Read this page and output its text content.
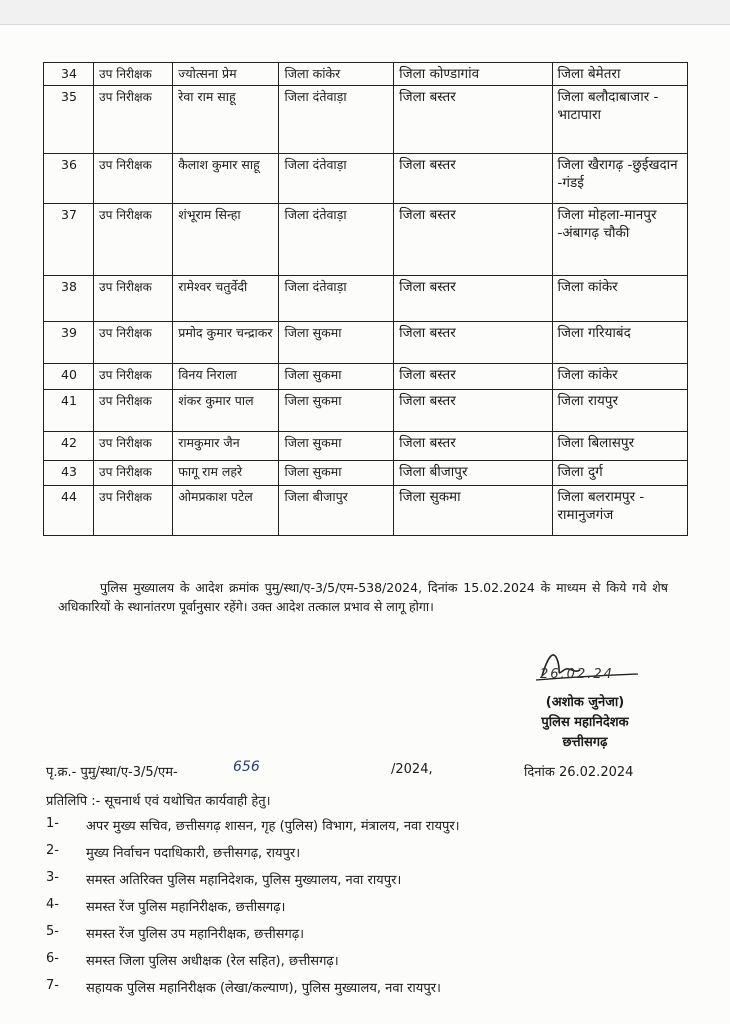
34	उप निरीक्षक	ज्योत्सना प्रेम	जिला कांकेर	जिला कोण्डागांव	जिला बेमेतरा
35	उप निरीक्षक	रेवा राम साहू	जिला दंतेवाड़ा	जिला बस्तर	जिला बलौदाबाजार - भाटापारा
36	उप निरीक्षक	कैलाश कुमार साहू	जिला दंतेवाड़ा	जिला बस्तर	जिला खैरागढ़ -छुईखदान -गंडई
37	उप निरीक्षक	शंभूराम सिन्हा	जिला दंतेवाड़ा	जिला बस्तर	जिला मोहला-मानपुर -अंबागढ़ चौकी
38	उप निरीक्षक	रामेश्वर चतुर्वेदी	जिला दंतेवाड़ा	जिला बस्तर	जिला कांकेर
39	उप निरीक्षक	प्रमोद कुमार चन्द्राकर	जिला सुकमा	जिला बस्तर	जिला गरियाबंद
40	उप निरीक्षक	विनय निराला	जिला सुकमा	जिला बस्तर	जिला कांकेर
41	उप निरीक्षक	शंकर कुमार पाल	जिला सुकमा	जिला बस्तर	जिला रायपुर
42	उप निरीक्षक	रामकुमार जैन	जिला सुकमा	जिला बस्तर	जिला बिलासपुर
43	उप निरीक्षक	फागू राम लहरे	जिला सुकमा	जिला बीजापुर	जिला दुर्ग
44	उप निरीक्षक	ओमप्रकाश पटेल	जिला बीजापुर	जिला सुकमा	जिला बलरामपुर - रामानुजगंज

पुलिस मुख्यालय के आदेश क्रमांक पुमु/स्था/ए-3/5/एम-538/2024, दिनांक 15.02.2024 के माध्यम से किये गये शेष अधिकारियों के स्थानांतरण पूर्वानुसार रहेंगे। उक्त आदेश तत्काल प्रभाव से लागू होगा।

26.02.24
(अशोक जुनेजा)
पुलिस महानिदेशक
छत्तीसगढ़
पृ.क्र.- पुमु/स्था/ए-3/5/एम-	656	/2024,	दिनांक 26.02.2024
प्रतिलिपि :- सूचनार्थ एवं यथोचित कार्यवाही हेतु।
1- अपर मुख्य सचिव, छत्तीसगढ़ शासन, गृह (पुलिस) विभाग, मंत्रालय, नवा रायपुर।
2- मुख्य निर्वाचन पदाधिकारी, छत्तीसगढ़, रायपुर।
3- समस्त अतिरिक्त पुलिस महानिदेशक, पुलिस मुख्यालय, नवा रायपुर।
4- समस्त रेंज पुलिस महानिरीक्षक, छत्तीसगढ़।
5- समस्त रेंज पुलिस उप महानिरीक्षक, छत्तीसगढ़।
6- समस्त जिला पुलिस अधीक्षक (रेल सहित), छत्तीसगढ़।
7- सहायक पुलिस महानिरीक्षक (लेखा/कल्याण), पुलिस मुख्यालय, नवा रायपुर।
